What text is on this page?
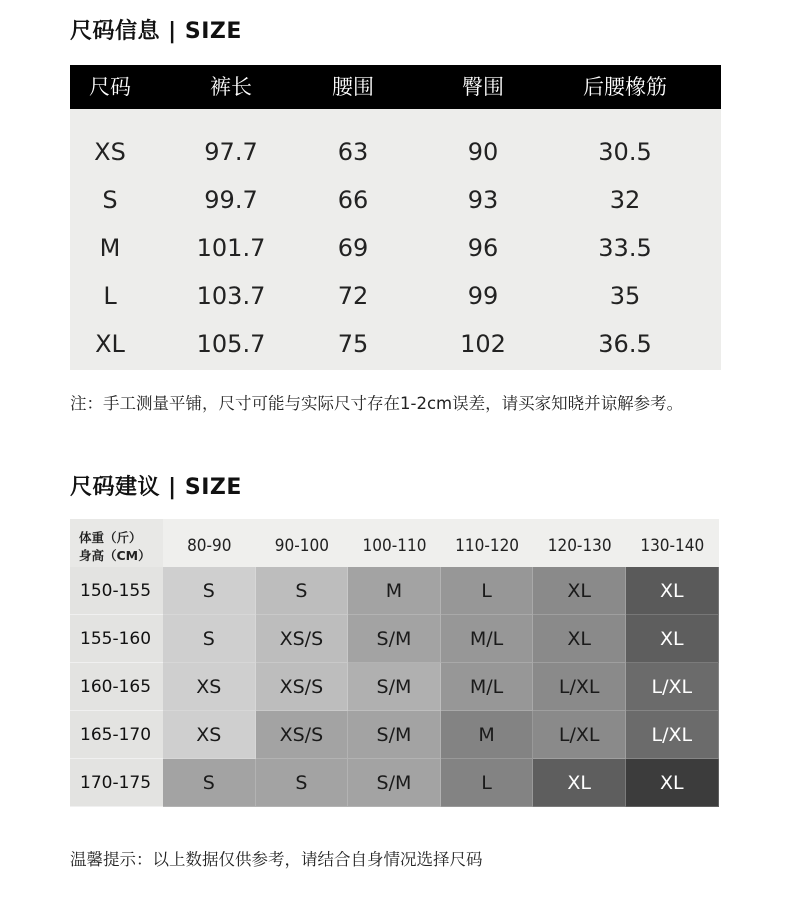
尺码信息 | SIZE
尺码	裤长	腰围	臀围	后腰橡筋
XS	97.7	63	90	30.5
S	99.7	66	93	32
M	101.7	69	96	33.5
L	103.7	72	99	35
XL	105.7	75	102	36.5
注：手工测量平铺，尺寸可能与实际尺寸存在1-2cm误差，请买家知晓并谅解参考。
尺码建议 | SIZE
体重（斤）
身高（CM）	80-90	90-100	100-110	110-120	120-130	130-140
150-155	S	S	M	L	XL	XL
155-160	S	XS/S	S/M	M/L	XL	XL
160-165	XS	XS/S	S/M	M/L	L/XL	L/XL
165-170	XS	XS/S	S/M	M	L/XL	L/XL
170-175	S	S	S/M	L	XL	XL
温馨提示：以上数据仅供参考，请结合自身情况选择尺码
